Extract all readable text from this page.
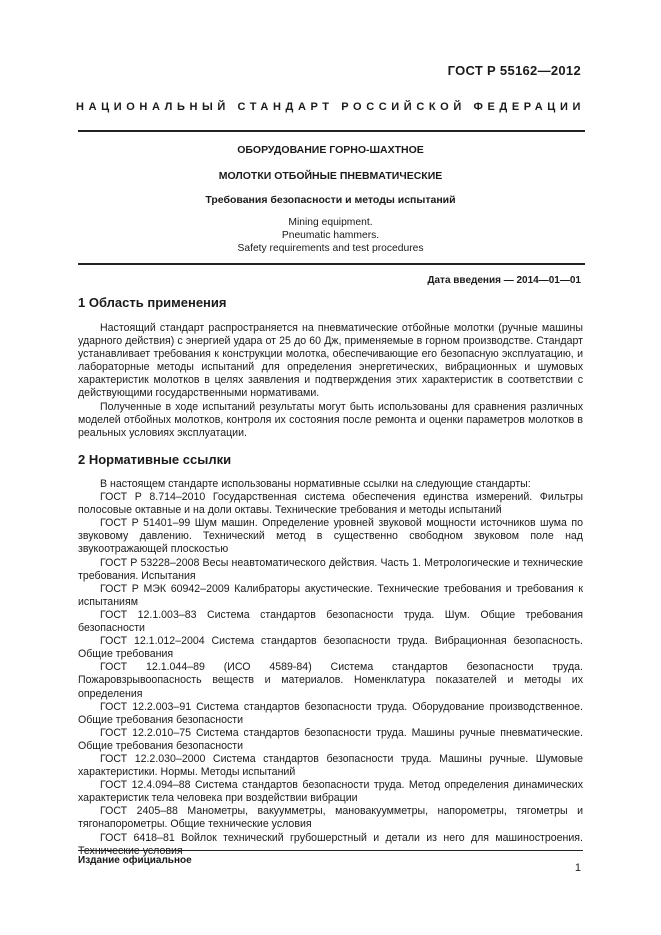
ГОСТ Р 55162—2012
НАЦИОНАЛЬНЫЙ СТАНДАРТ РОССИЙСКОЙ ФЕДЕРАЦИИ
ОБОРУДОВАНИЕ ГОРНО-ШАХТНОЕ
МОЛОТКИ ОТБОЙНЫЕ ПНЕВМАТИЧЕСКИЕ
Требования безопасности и методы испытаний
Mining equipment.
Pneumatic hammers.
Safety requirements and test procedures
Дата введения — 2014—01—01
1 Область применения

Настоящий стандарт распространяется на пневматические отбойные молотки (ручные машины ударного действия) с энергией удара от 25 до 60 Дж, применяемые в горном производстве. Стандарт устанавливает требования к конструкции молотка, обеспечивающие его безопасную эксплуатацию, и лабораторные методы испытаний для определения энергетических, вибрационных и шумовых характеристик молотков в целях заявления и подтверждения этих характеристик в соответствии с действующими государственными нормативами.

Полученные в ходе испытаний результаты могут быть использованы для сравнения различных моделей отбойных молотков, контроля их состояния после ремонта и оценки параметров молотков в реальных условиях эксплуатации.

2 Нормативные ссылки

В настоящем стандарте использованы нормативные ссылки на следующие стандарты:

ГОСТ Р 8.714–2010 Государственная система обеспечения единства измерений. Фильтры полосовые октавные и на доли октавы. Технические требования и методы испытаний

ГОСТ Р 51401–99 Шум машин. Определение уровней звуковой мощности источников шума по звуковому давлению. Технический метод в существенно свободном звуковом поле над звукоотражающей плоскостью

ГОСТ Р 53228–2008 Весы неавтоматического действия. Часть 1. Метрологические и технические требования. Испытания

ГОСТ Р МЭК 60942–2009 Калибраторы акустические. Технические требования и требования к испытаниям

ГОСТ 12.1.003–83 Система стандартов безопасности труда. Шум. Общие требования безопасности

ГОСТ 12.1.012–2004 Система стандартов безопасности труда. Вибрационная безопасность. Общие требования

ГОСТ 12.1.044–89 (ИСО 4589-84) Система стандартов безопасности труда. Пожаровзрывоопасность веществ и материалов. Номенклатура показателей и методы их определения

ГОСТ 12.2.003–91 Система стандартов безопасности труда. Оборудование производственное. Общие требования безопасности

ГОСТ 12.2.010–75 Система стандартов безопасности труда. Машины ручные пневматические. Общие требования безопасности

ГОСТ 12.2.030–2000 Система стандартов безопасности труда. Машины ручные. Шумовые характеристики. Нормы. Методы испытаний

ГОСТ 12.4.094–88 Система стандартов безопасности труда. Метод определения динамических характеристик тела человека при воздействии вибрации

ГОСТ 2405–88 Манометры, вакуумметры, мановакуумметры, напорометры, тягометры и тягонапорометры. Общие технические условия

ГОСТ 6418–81 Войлок технический грубошерстный и детали из него для машиностроения.

Издание официальное
1
